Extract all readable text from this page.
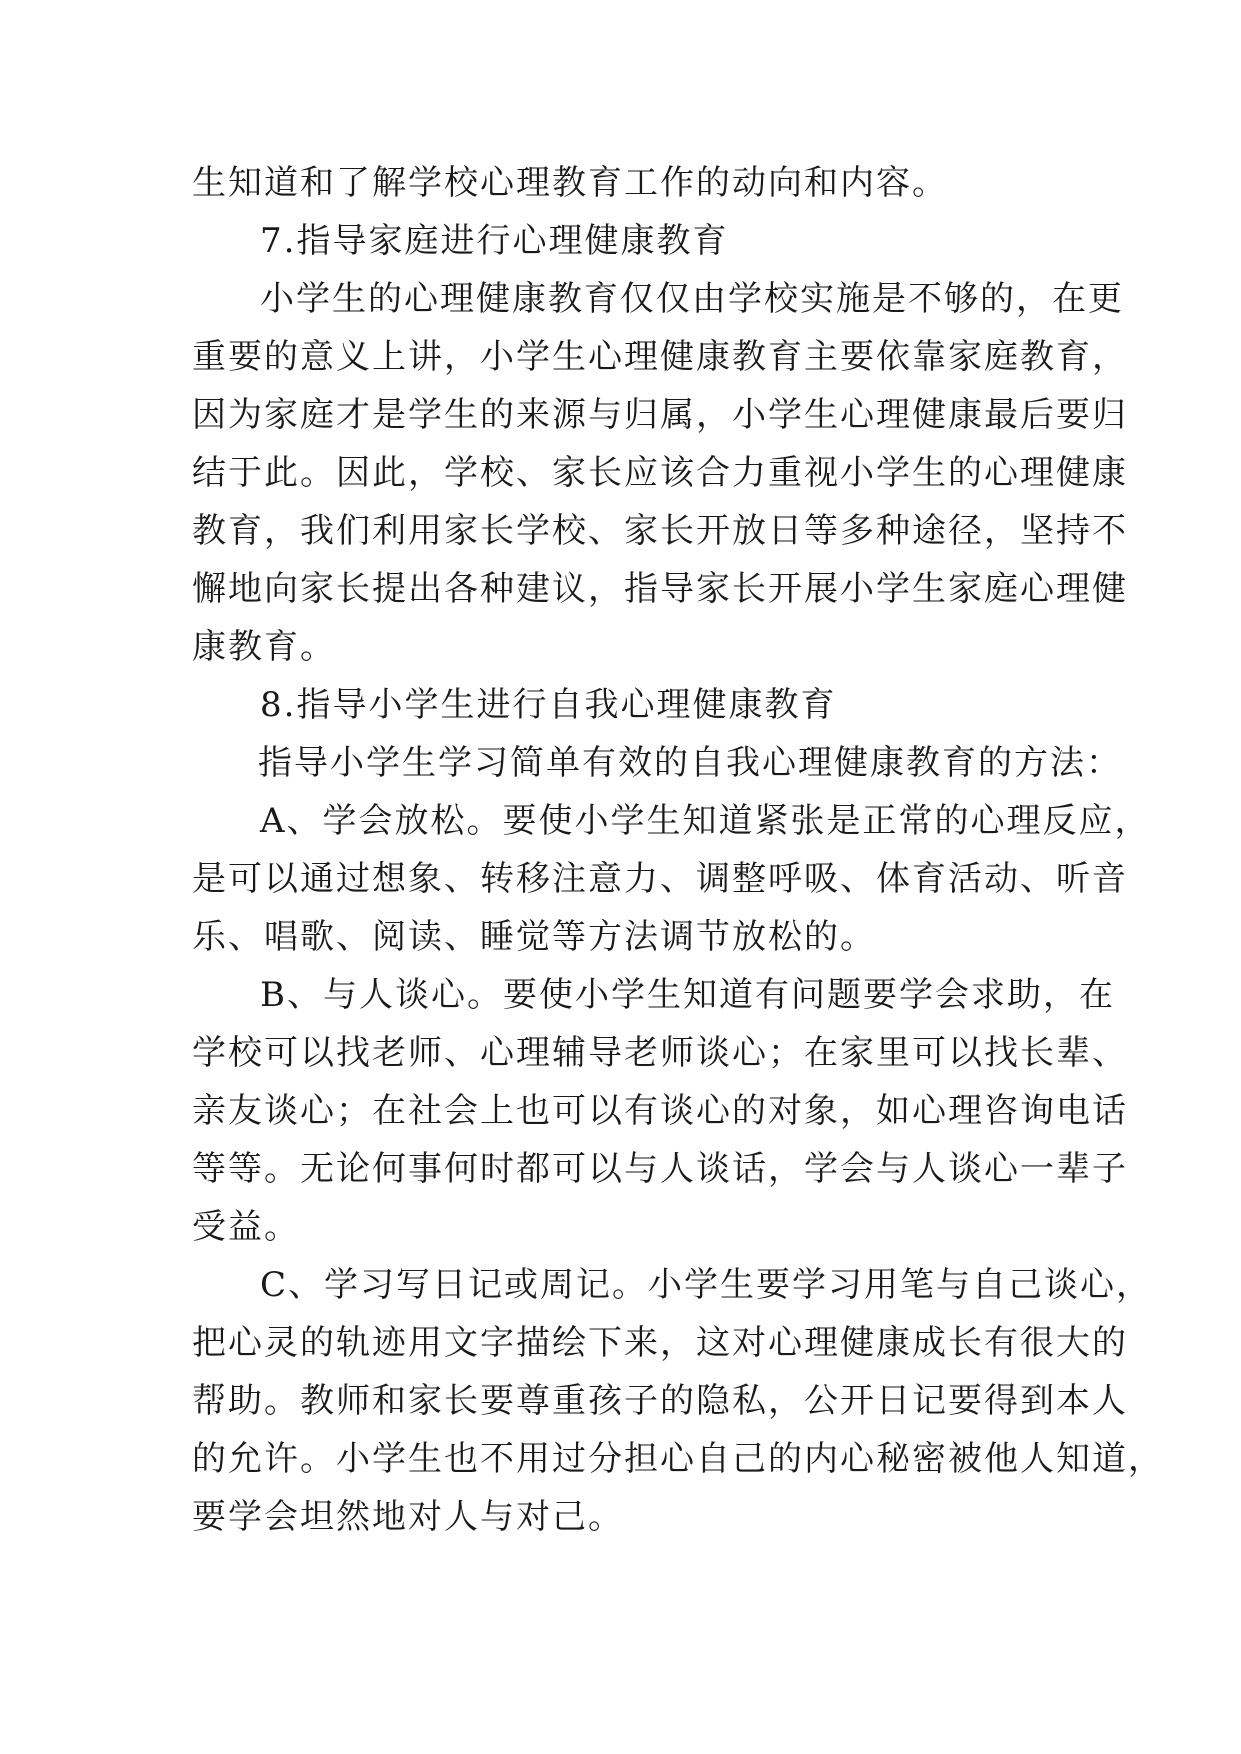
生知道和了解学校心理教育工作的动向和内容。
7.指导家庭进行心理健康教育
小学生的心理健康教育仅仅由学校实施是不够的，在更
重要的意义上讲，小学生心理健康教育主要依靠家庭教育，
因为家庭才是学生的来源与归属，小学生心理健康最后要归
结于此。因此，学校、家长应该合力重视小学生的心理健康
教育，我们利用家长学校、家长开放日等多种途径，坚持不
懈地向家长提出各种建议，指导家长开展小学生家庭心理健
康教育。
8.指导小学生进行自我心理健康教育
指导小学生学习简单有效的自我心理健康教育的方法：
A、学会放松。要使小学生知道紧张是正常的心理反应，
是可以通过想象、转移注意力、调整呼吸、体育活动、听音
乐、唱歌、阅读、睡觉等方法调节放松的。
B、与人谈心。要使小学生知道有问题要学会求助，在
学校可以找老师、心理辅导老师谈心；在家里可以找长辈、
亲友谈心；在社会上也可以有谈心的对象，如心理咨询电话
等等。无论何事何时都可以与人谈话，学会与人谈心一辈子
受益。
C、学习写日记或周记。小学生要学习用笔与自己谈心，
把心灵的轨迹用文字描绘下来，这对心理健康成长有很大的
帮助。教师和家长要尊重孩子的隐私，公开日记要得到本人
的允许。小学生也不用过分担心自己的内心秘密被他人知道，
要学会坦然地对人与对己。
